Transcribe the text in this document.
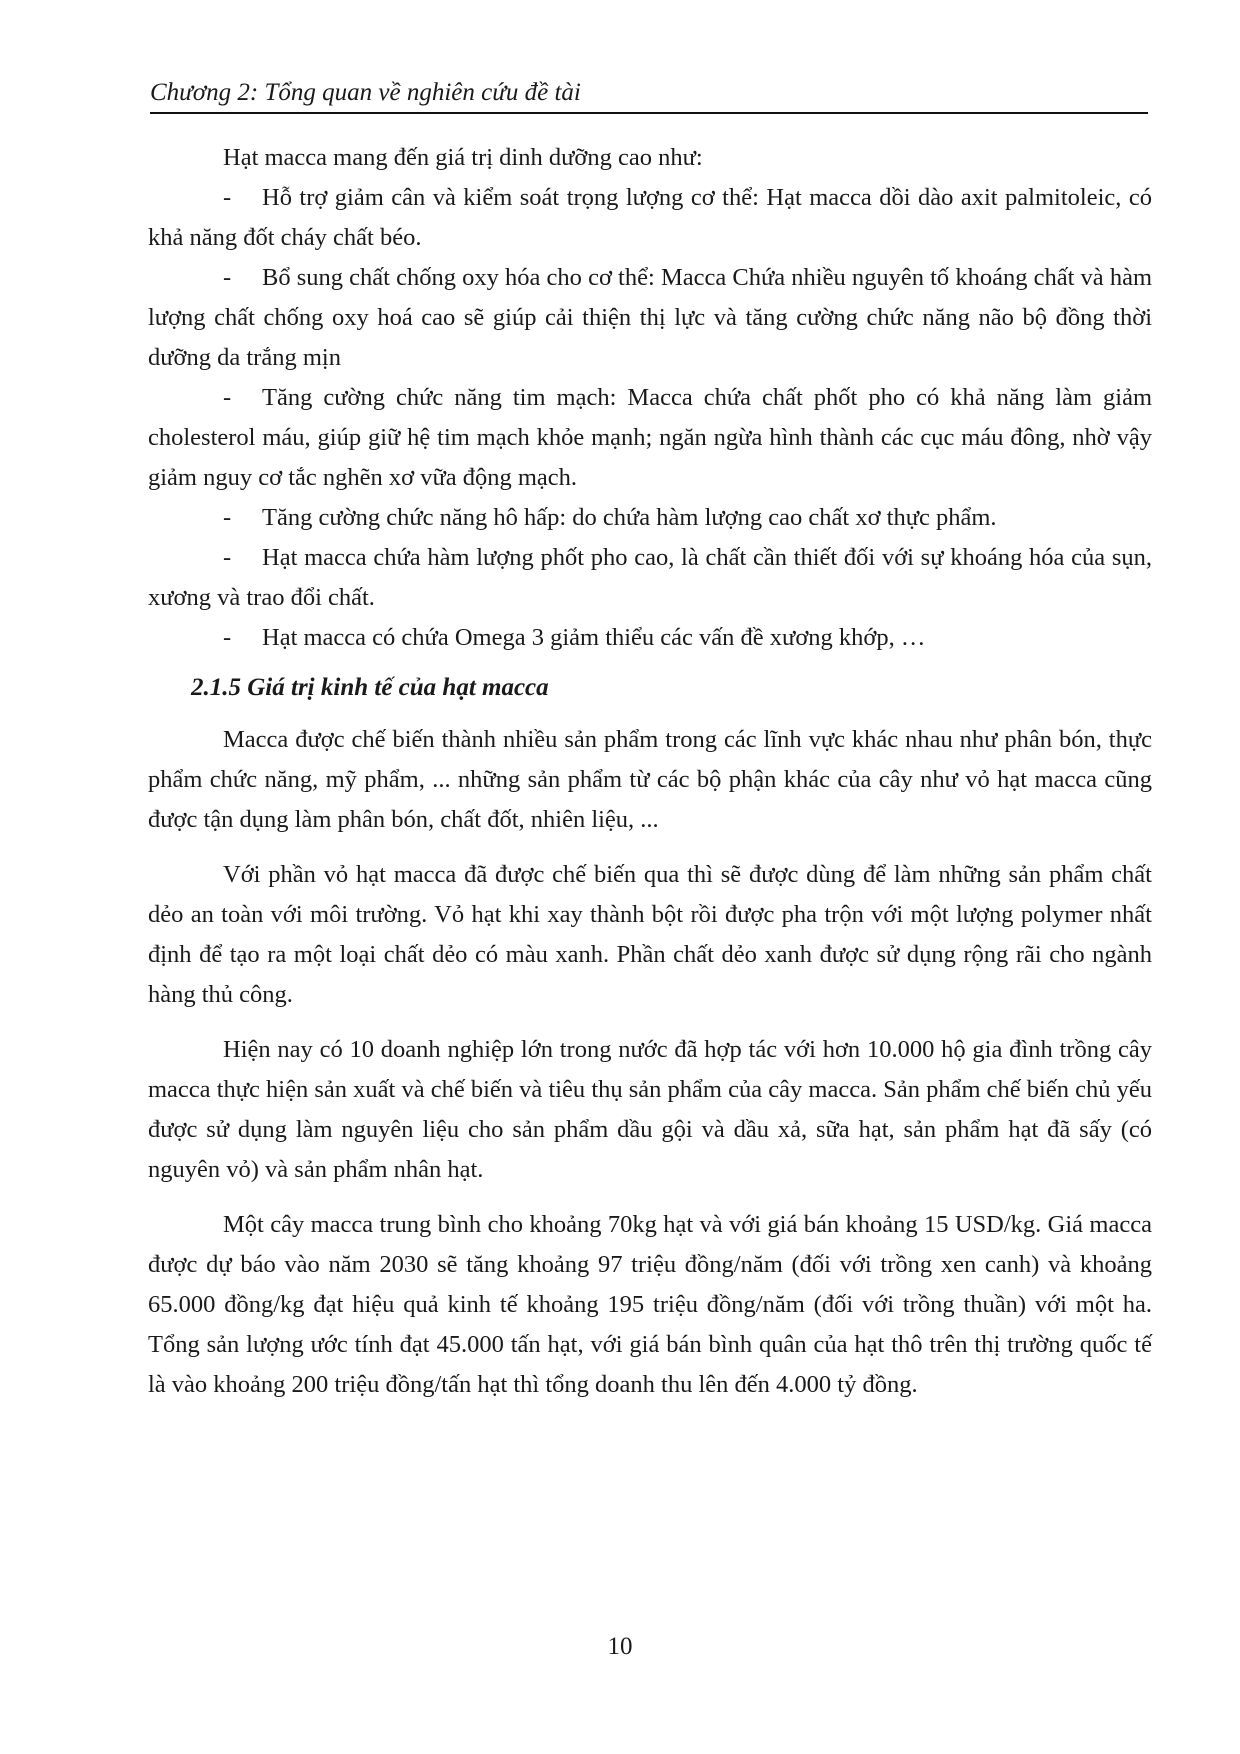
Chương 2: Tổng quan về nghiên cứu đề tài

Hạt macca mang đến giá trị dinh dưỡng cao như:

- Hỗ trợ giảm cân và kiểm soát trọng lượng cơ thể: Hạt macca dồi dào axit palmitoleic, có khả năng đốt cháy chất béo.

- Bổ sung chất chống oxy hóa cho cơ thể: Macca Chứa nhiều nguyên tố khoáng chất và hàm lượng chất chống oxy hoá cao sẽ giúp cải thiện thị lực và tăng cường chức năng não bộ đồng thời dưỡng da trắng mịn

- Tăng cường chức năng tim mạch: Macca chứa chất phốt pho có khả năng làm giảm cholesterol máu, giúp giữ hệ tim mạch khỏe mạnh; ngăn ngừa hình thành các cục máu đông, nhờ vậy giảm nguy cơ tắc nghẽn xơ vữa động mạch.

- Tăng cường chức năng hô hấp: do chứa hàm lượng cao chất xơ thực phẩm.

- Hạt macca chứa hàm lượng phốt pho cao, là chất cần thiết đối với sự khoáng hóa của sụn, xương và trao đổi chất.

- Hạt macca có chứa Omega 3 giảm thiểu các vấn đề xương khớp, …

2.1.5 Giá trị kinh tế của hạt macca

Macca được chế biến thành nhiều sản phẩm trong các lĩnh vực khác nhau như phân bón, thực phẩm chức năng, mỹ phẩm, ... những sản phẩm từ các bộ phận khác của cây như vỏ hạt macca cũng được tận dụng làm phân bón, chất đốt, nhiên liệu, ...

Với phần vỏ hạt macca đã được chế biến qua thì sẽ được dùng để làm những sản phẩm chất dẻo an toàn với môi trường. Vỏ hạt khi xay thành bột rồi được pha trộn với một lượng polymer nhất định để tạo ra một loại chất dẻo có màu xanh. Phần chất dẻo xanh được sử dụng rộng rãi cho ngành hàng thủ công.

Hiện nay có 10 doanh nghiệp lớn trong nước đã hợp tác với hơn 10.000 hộ gia đình trồng cây macca thực hiện sản xuất và chế biến và tiêu thụ sản phẩm của cây macca. Sản phẩm chế biến chủ yếu được sử dụng làm nguyên liệu cho sản phẩm dầu gội và dầu xả, sữa hạt, sản phẩm hạt đã sấy (có nguyên vỏ) và sản phẩm nhân hạt.

Một cây macca trung bình cho khoảng 70kg hạt và với giá bán khoảng 15 USD/kg. Giá macca được dự báo vào năm 2030 sẽ tăng khoảng 97 triệu đồng/năm (đối với trồng xen canh) và khoảng 65.000 đồng/kg đạt hiệu quả kinh tế khoảng 195 triệu đồng/năm (đối với trồng thuần) với một ha. Tổng sản lượng ước tính đạt 45.000 tấn hạt, với giá bán bình quân của hạt thô trên thị trường quốc tế là vào khoảng 200 triệu đồng/tấn hạt thì tổng doanh thu lên đến 4.000 tỷ đồng.

10
